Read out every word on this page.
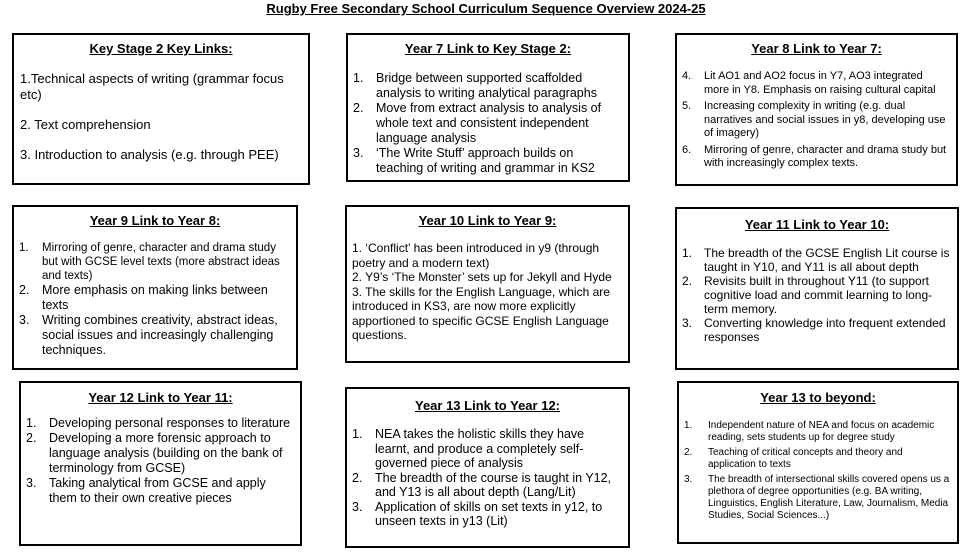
Rugby Free Secondary School Curriculum Sequence Overview 2024-25
Key Stage 2 Key Links:
1.Technical aspects of writing (grammar focus etc)
2. Text comprehension
3. Introduction to analysis (e.g. through PEE)
Year 7 Link to Key Stage 2:
1. Bridge between supported scaffolded analysis to writing analytical paragraphs
2. Move from extract analysis to analysis of whole text and consistent independent language analysis
3. ‘The Write Stuff’ approach builds on teaching of writing and grammar in KS2
Year 8 Link to Year 7:
4. Lit AO1 and AO2 focus in Y7, AO3 integrated more in Y8. Emphasis on raising cultural capital
5. Increasing complexity in writing (e.g. dual narratives and social issues in y8, developing use of imagery)
6. Mirroring of genre, character and drama study but with increasingly complex texts.
Year 9 Link to Year 8:
1. Mirroring of genre, character and drama study but with GCSE level texts (more abstract ideas and texts)
2. More emphasis on making links between texts
3. Writing combines creativity, abstract ideas, social issues and increasingly challenging techniques.
Year 10 Link to Year 9:
1. ‘Conflict’ has been introduced in y9 (through poetry and a modern text)
2. Y9’s ‘The Monster’ sets up for Jekyll and Hyde
3. The skills for the English Language, which are introduced in KS3, are now more explicitly apportioned to specific GCSE English Language questions.
Year 11 Link to Year 10:
1. The breadth of the GCSE English Lit course is taught in Y10, and Y11 is all about depth
2. Revisits built in throughout Y11 (to support cognitive load and commit learning to long-term memory.
3. Converting knowledge into frequent extended responses
Year 12 Link to Year 11:
1. Developing personal responses to literature
2. Developing a more forensic approach to language analysis (building on the bank of terminology from GCSE)
3. Taking analytical from GCSE and apply them to their own creative pieces
Year 13 Link to Year 12:
1. NEA takes the holistic skills they have learnt, and produce a completely self-governed piece of analysis
2. The breadth of the course is taught in Y12, and Y13 is all about depth (Lang/Lit)
3. Application of skills on set texts in y12, to unseen texts in y13 (Lit)
Year 13 to beyond:
1. Independent nature of NEA and focus on academic reading, sets students up for degree study
2. Teaching of critical concepts and theory and application to texts
3. The breadth of intersectional skills covered opens us a plethora of degree opportunities (e.g. BA writing, Linguistics, English Literature, Law, Journalism, Media Studies, Social Sciences...)
